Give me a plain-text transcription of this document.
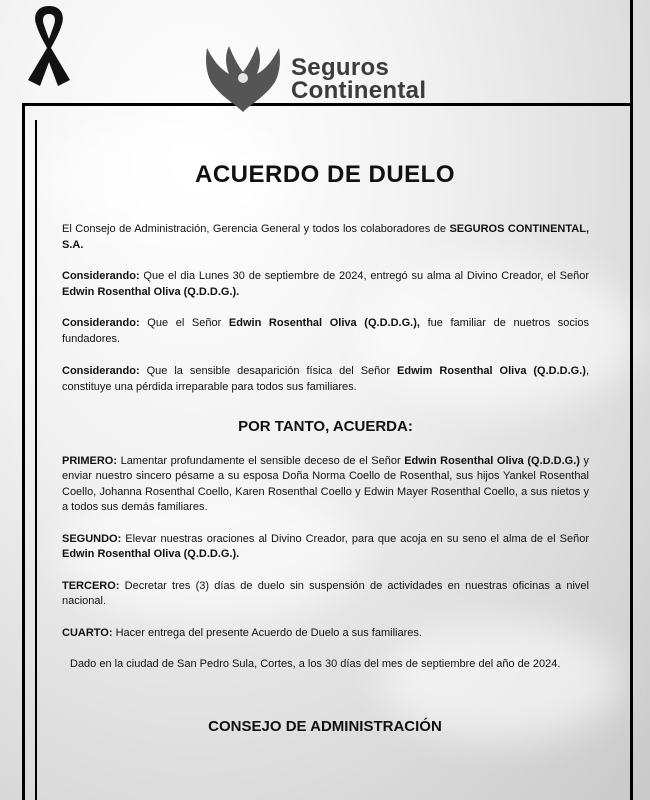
Seguros
Continental
ACUERDO DE DUELO

El Consejo de Administración, Gerencia General y todos los colaboradores de SEGUROS CONTINENTAL, S.A.

Considerando: Que el dia Lunes 30 de septiembre de 2024, entregó su alma al Divino Creador, el Señor Edwin Rosenthal Oliva (Q.D.D.G.).

Considerando: Que el Señor Edwin Rosenthal Oliva (Q.D.D.G.), fue familiar de nuetros socios fundadores.

Considerando: Que la sensible desaparición física del Señor Edwim Rosenthal Oliva (Q.D.D.G.), constituye una pérdida irreparable para todos sus familiares.

POR TANTO, ACUERDA:

PRIMERO: Lamentar profundamente el sensible deceso de el Señor Edwin Rosenthal Oliva (Q.D.D.G.) y enviar nuestro sincero pésame a su esposa Doña Norma Coello de Rosenthal, sus hijos Yankel Rosenthal Coello, Johanna Rosenthal Coello, Karen Rosenthal Coello y Edwin Mayer Rosenthal Coello, a sus nietos y a todos sus demás familiares.

SEGUNDO: Elevar nuestras oraciones al Divino Creador, para que acoja en su seno el alma de el Señor Edwin Rosenthal Oliva (Q.D.D.G.).

TERCERO: Decretar tres (3) días de duelo sin suspensión de actividades en nuestras oficinas a nivel nacional.

CUARTO: Hacer entrega del presente Acuerdo de Duelo a sus familiares.

Dado en la ciudad de San Pedro Sula, Cortes, a los 30 días del mes de septiembre del año de 2024.
CONSEJO DE ADMINISTRACIÓN
